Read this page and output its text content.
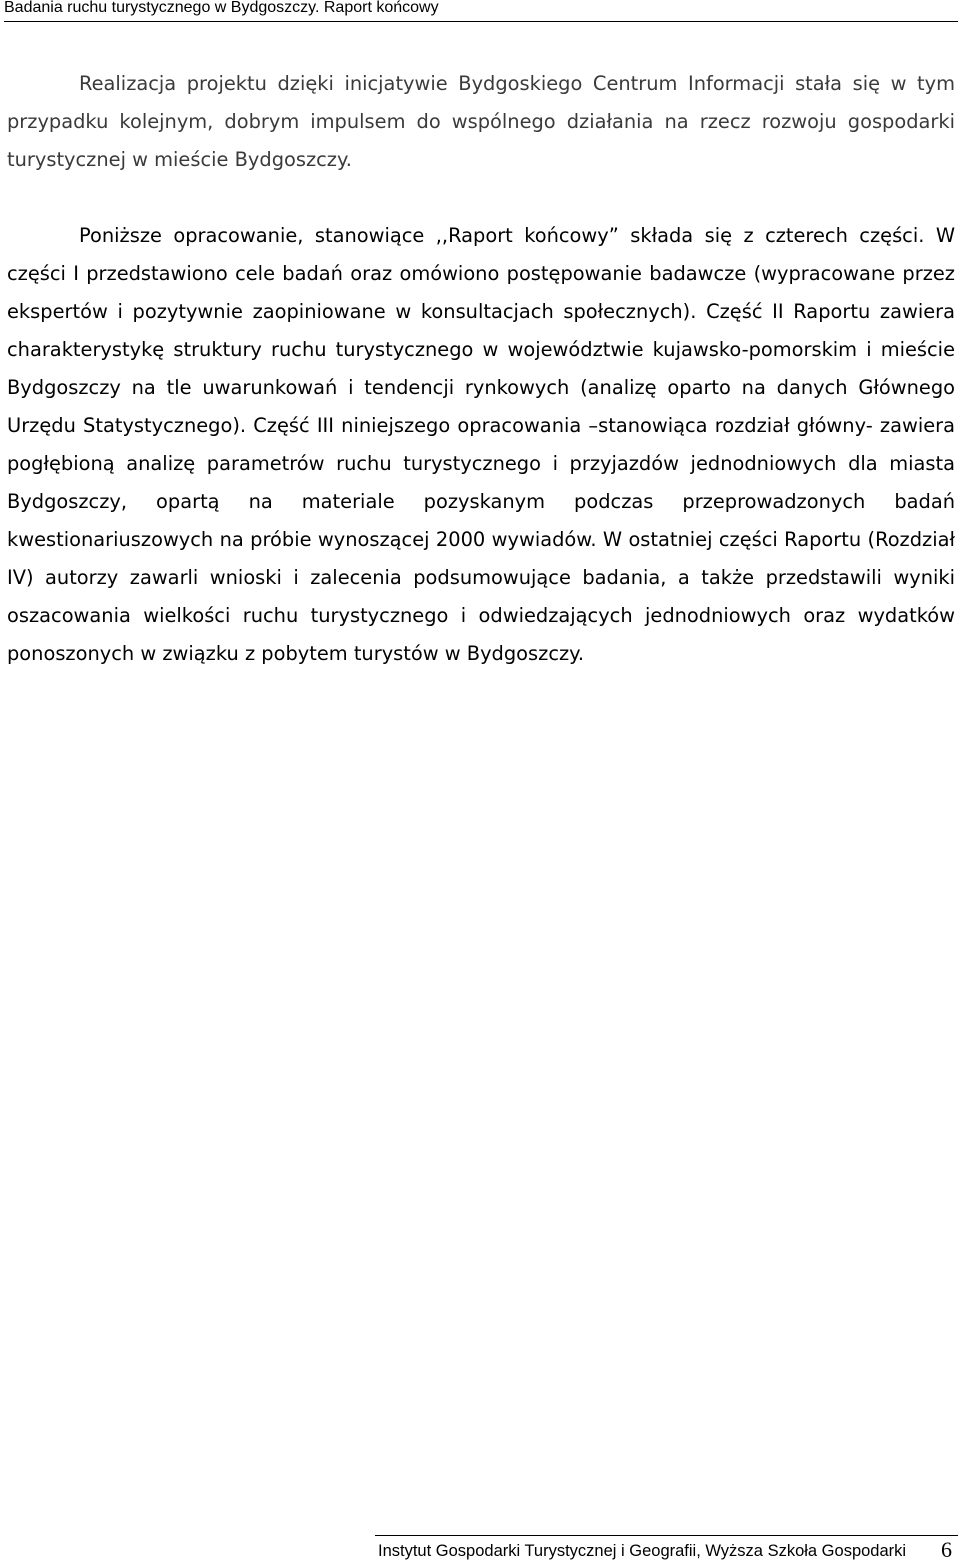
Badania ruchu turystycznego w Bydgoszczy. Raport końcowy

Realizacja projektu dzięki inicjatywie Bydgoskiego Centrum Informacji stała się w tym przypadku kolejnym, dobrym impulsem do wspólnego działania na rzecz rozwoju gospodarki turystycznej w mieście Bydgoszczy.

Poniższe opracowanie, stanowiące ,,Raport końcowy” składa się z czterech części. W części I przedstawiono cele badań oraz omówiono postępowanie badawcze (wypracowane przez ekspertów i pozytywnie zaopiniowane w konsultacjach społecznych). Część II Raportu zawiera charakterystykę struktury ruchu turystycznego w województwie kujawsko-pomorskim i mieście Bydgoszczy na tle uwarunkowań i tendencji rynkowych (analizę oparto na danych Głównego Urzędu Statystycznego). Część III niniejszego opracowania –stanowiąca rozdział główny- zawiera pogłębioną analizę parametrów ruchu turystycznego i przyjazdów jednodniowych dla miasta Bydgoszczy, opartą na materiale pozyskanym podczas przeprowadzonych badań kwestionariuszowych na próbie wynoszącej 2000 wywiadów. W ostatniej części Raportu (Rozdział IV) autorzy zawarli wnioski i zalecenia podsumowujące badania, a także przedstawili wyniki oszacowania wielkości ruchu turystycznego i odwiedzających jednodniowych oraz wydatków ponoszonych w związku z pobytem turystów w Bydgoszczy.

Instytut Gospodarki Turystycznej i Geografii, Wyższa Szkoła Gospodarki 6
